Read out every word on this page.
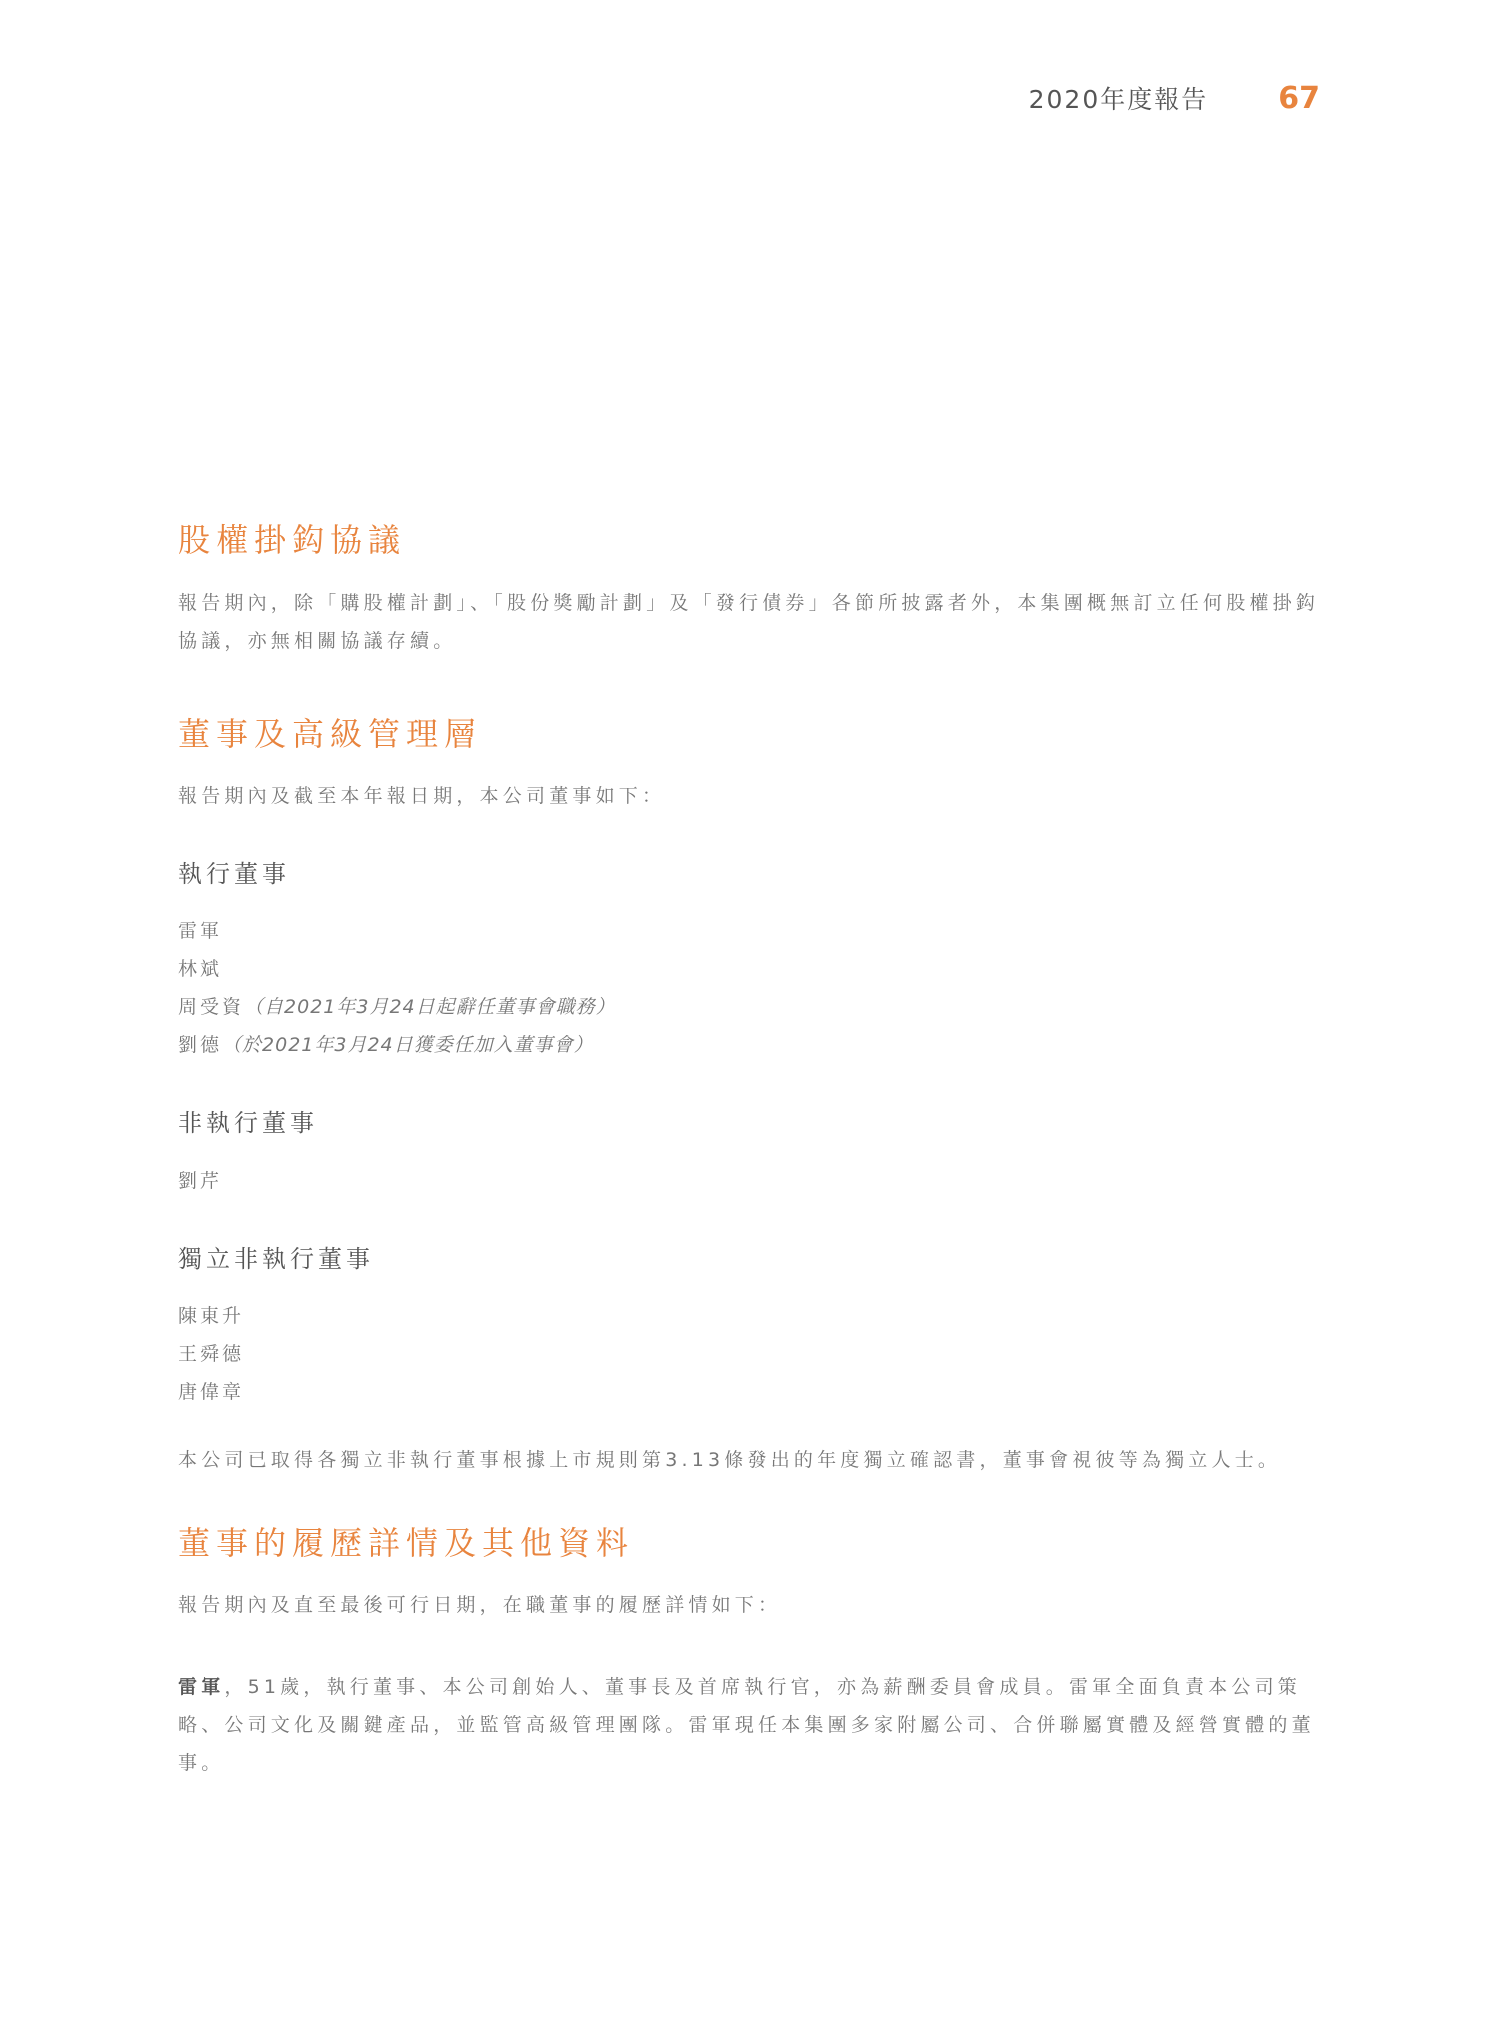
2020年度報告 67
股權掛鈎協議

報告期內，除「購股權計劃」、「股份獎勵計劃」及「發行債券」各節所披露者外，本集團概無訂立任何股權掛鈎協議，亦無相關協議存續。

董事及高級管理層

報告期內及截至本年報日期，本公司董事如下：

執行董事
雷軍
林斌
周受資（自2021年3月24日起辭任董事會職務）
劉德（於2021年3月24日獲委任加入董事會）
非執行董事
劉芹
獨立非執行董事
陳東升
王舜德
唐偉章

本公司已取得各獨立非執行董事根據上市規則第3.13條發出的年度獨立確認書，董事會視彼等為獨立人士。

董事的履歷詳情及其他資料

報告期內及直至最後可行日期，在職董事的履歷詳情如下：

雷軍，51歲，執行董事、本公司創始人、董事長及首席執行官，亦為薪酬委員會成員。雷軍全面負責本公司策略、公司文化及關鍵產品，並監管高級管理團隊。雷軍現任本集團多家附屬公司、合併聯屬實體及經營實體的董事。
